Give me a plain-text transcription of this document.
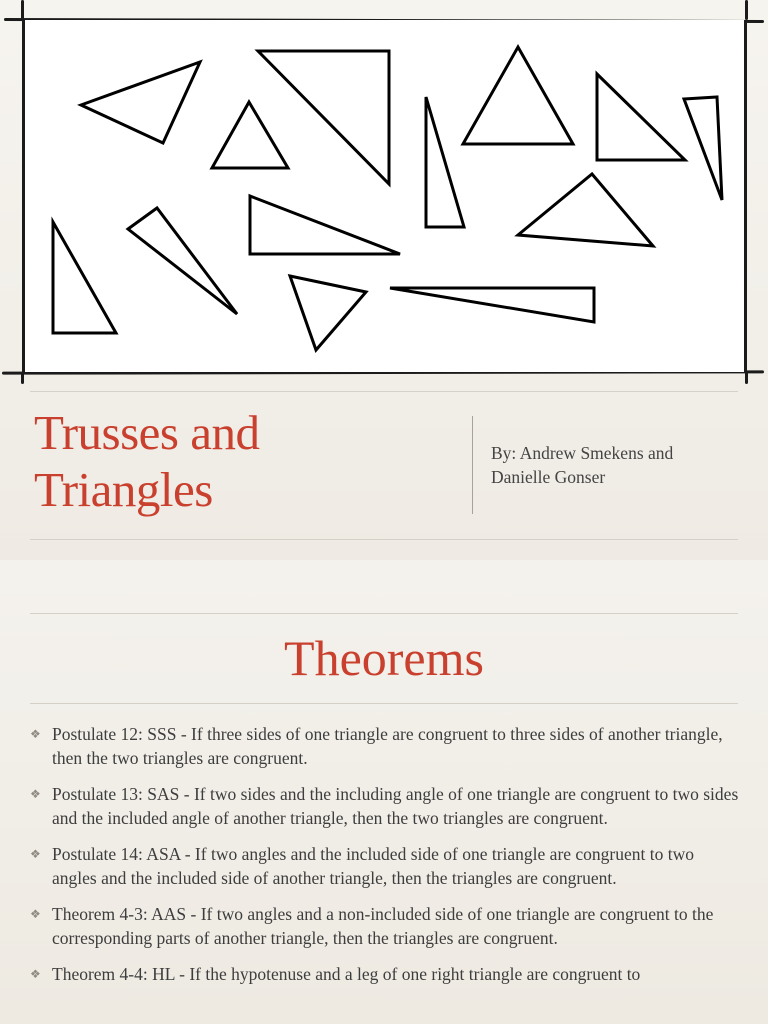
Trusses and
Triangles
By: Andrew Smekens and
Danielle Gonser
Theorems
❖ Postulate 12: SSS - If three sides of one triangle are congruent to three sides of another triangle, then the two triangles are congruent.
❖ Postulate 13: SAS - If two sides and the including angle of one triangle are congruent to two sides and the included angle of another triangle, then the two triangles are congruent.
❖ Postulate 14: ASA - If two angles and the included side of one triangle are congruent to two angles and the included side of another triangle, then the triangles are congruent.
❖ Theorem 4-3: AAS - If two angles and a non-included side of one triangle are congruent to the corresponding parts of another triangle, then the triangles are congruent.
❖ Theorem 4-4: HL - If the hypotenuse and a leg of one right triangle are congruent to
